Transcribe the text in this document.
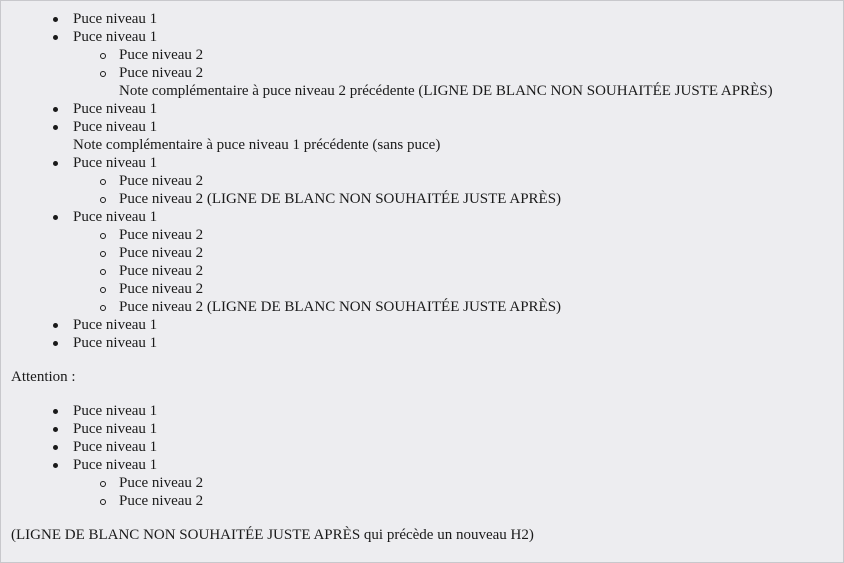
Puce niveau 1
Puce niveau 1
Puce niveau 2
Puce niveau 2
Note complémentaire à puce niveau 2 précédente (LIGNE DE BLANC NON SOUHAITÉE JUSTE APRÈS)
Puce niveau 1
Puce niveau 1
Note complémentaire à puce niveau 1 précédente (sans puce)
Puce niveau 1
Puce niveau 2
Puce niveau 2 (LIGNE DE BLANC NON SOUHAITÉE JUSTE APRÈS)
Puce niveau 1
Puce niveau 2
Puce niveau 2
Puce niveau 2
Puce niveau 2
Puce niveau 2 (LIGNE DE BLANC NON SOUHAITÉE JUSTE APRÈS)
Puce niveau 1
Puce niveau 1
Attention :
Puce niveau 1
Puce niveau 1
Puce niveau 1
Puce niveau 1
Puce niveau 2
Puce niveau 2
(LIGNE DE BLANC NON SOUHAITÉE JUSTE APRÈS qui précède un nouveau H2)
